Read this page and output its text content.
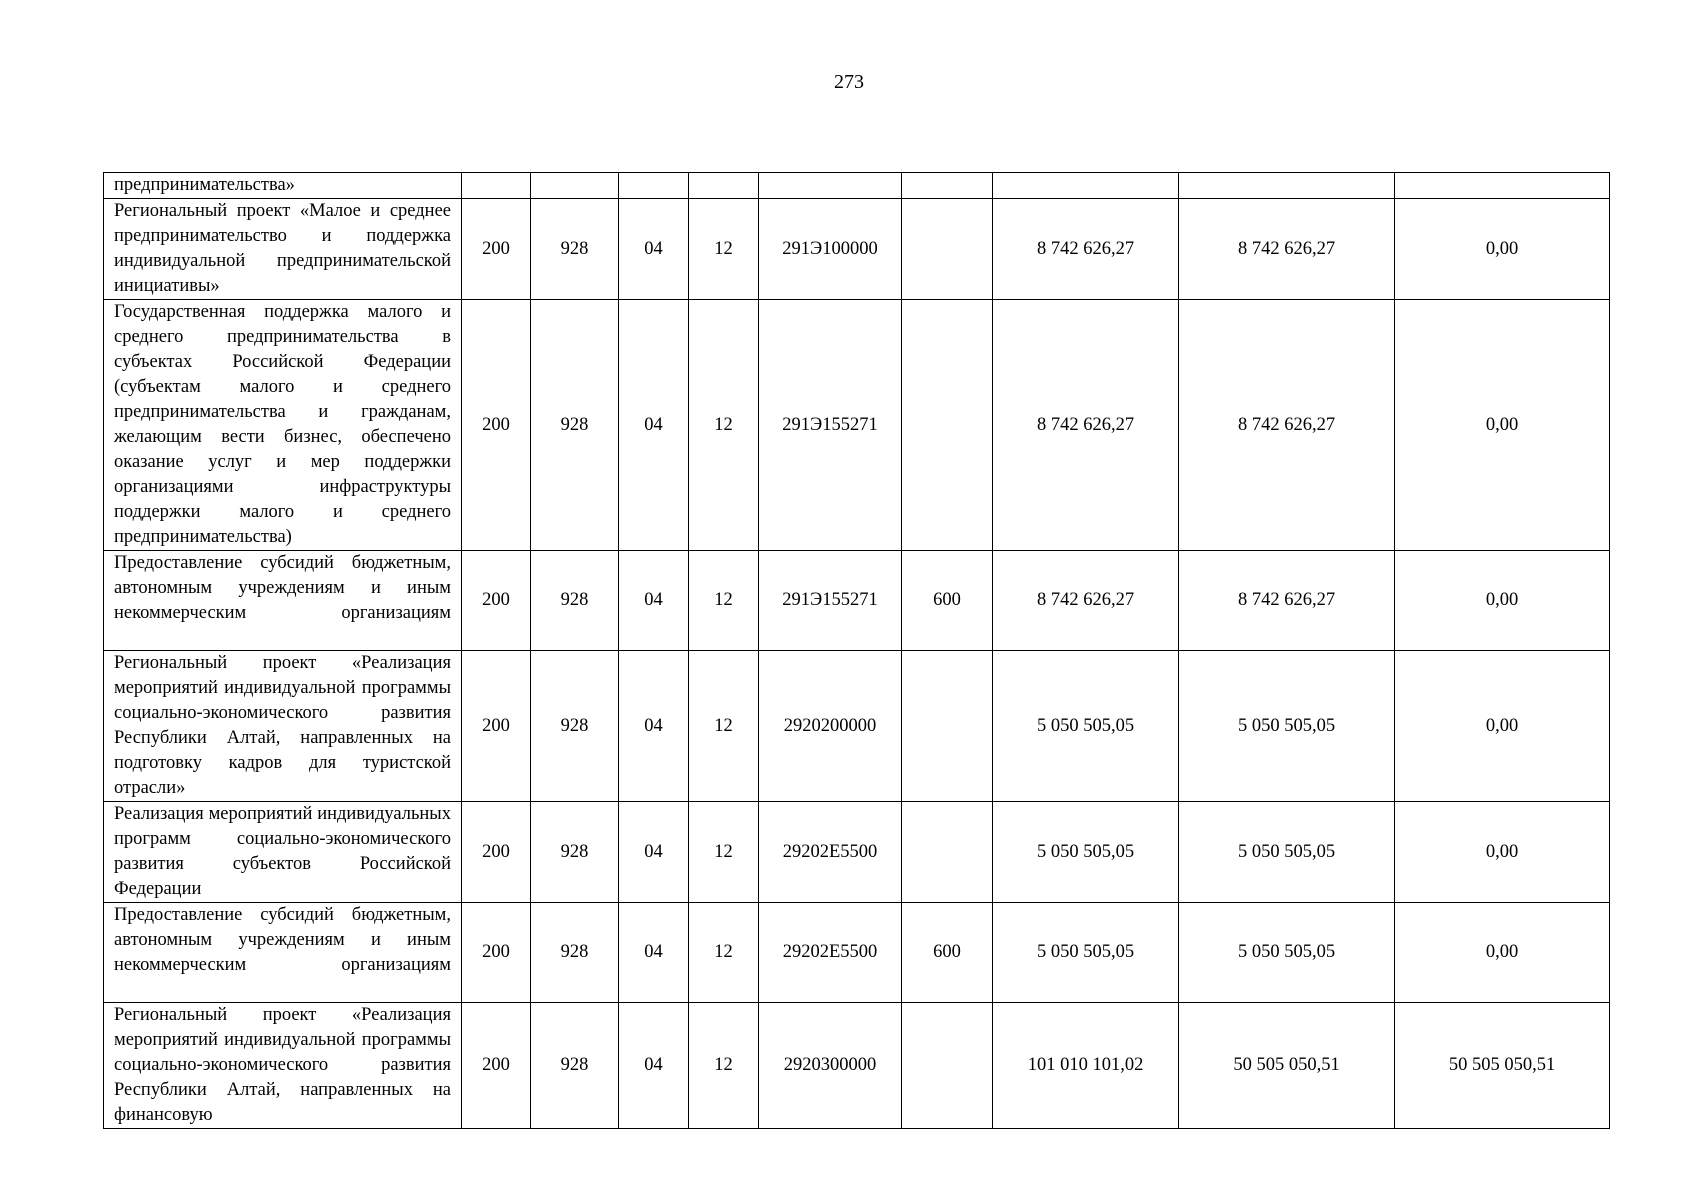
273
предпринимательства»									
Региональный проект «Малое и среднее предпринимательство и поддержка индивидуальной предпринимательской инициативы»	200	928	04	12	291Э100000		8 742 626,27	8 742 626,27	0,00
Государственная поддержка малого и среднего предпринимательства в субъектах Российской Федерации (субъектам малого и среднего предпринимательства и гражданам, желающим вести бизнес, обеспечено оказание услуг и мер поддержки организациями инфраструктуры поддержки малого и среднего предпринимательства)	200	928	04	12	291Э155271		8 742 626,27	8 742 626,27	0,00
Предоставление субсидий бюджетным, автономным учреждениям и иным некоммерческим организациям	200	928	04	12	291Э155271	600	8 742 626,27	8 742 626,27	0,00
Региональный проект «Реализация мероприятий индивидуальной программы социально-экономического развития Республики Алтай, направленных на подготовку кадров для туристской отрасли»	200	928	04	12	2920200000		5 050 505,05	5 050 505,05	0,00
Реализация мероприятий индивидуальных программ социально-экономического развития субъектов Российской Федерации	200	928	04	12	29202Е5500		5 050 505,05	5 050 505,05	0,00
Предоставление субсидий бюджетным, автономным учреждениям и иным некоммерческим организациям	200	928	04	12	29202Е5500	600	5 050 505,05	5 050 505,05	0,00
Региональный проект «Реализация мероприятий индивидуальной программы социально-экономического развития Республики Алтай, направленных на финансовую	200	928	04	12	2920300000		101 010 101,02	50 505 050,51	50 505 050,51
